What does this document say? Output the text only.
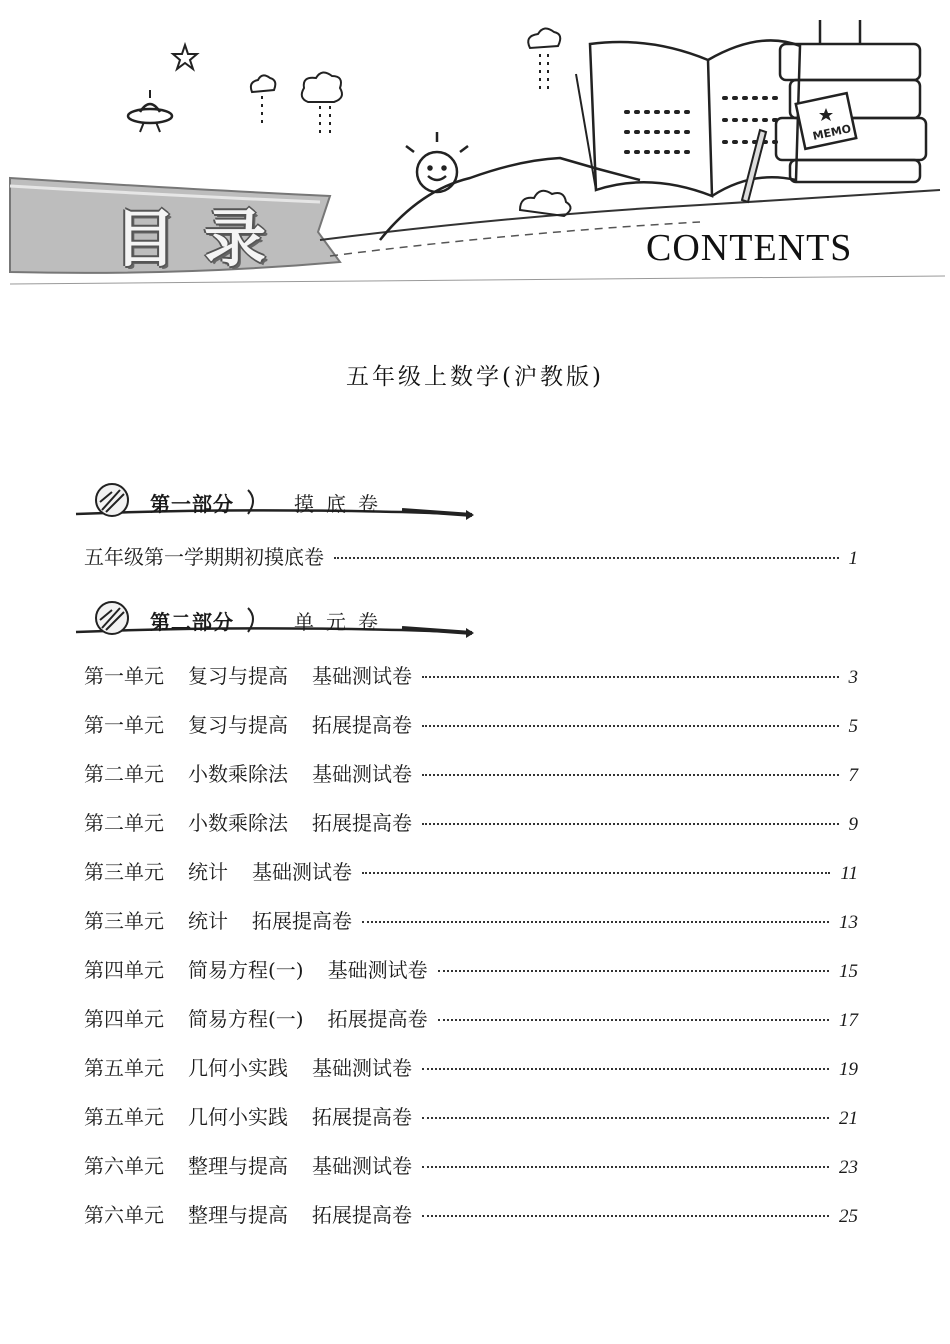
MEMO
目录	CONTENTS
五年级上数学(沪教版)
第一部分	摸底卷
五年级第一学期期初摸底卷	1
第二部分	单元卷
第一单元 复习与提高 基础测试卷	3
第一单元 复习与提高 拓展提高卷	5
第二单元 小数乘除法 基础测试卷	7
第二单元 小数乘除法 拓展提高卷	9
第三单元 统计 基础测试卷	11
第三单元 统计 拓展提高卷	13
第四单元 简易方程(一) 基础测试卷	15
第四单元 简易方程(一) 拓展提高卷	17
第五单元 几何小实践 基础测试卷	19
第五单元 几何小实践 拓展提高卷	21
第六单元 整理与提高 基础测试卷	23
第六单元 整理与提高 拓展提高卷	25
